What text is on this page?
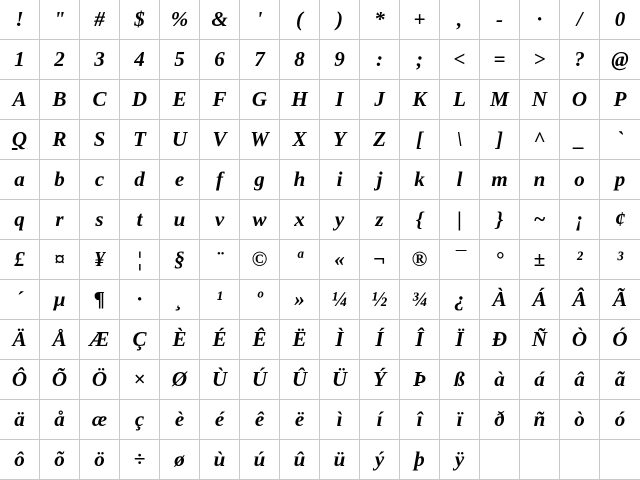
!	"	#	$	%	&	'	(	)	*	+	,	-	·	/	0
1	2	3	4	5	6	7	8	9	:	;	<	=	>	?	@
A	B	C	D	E	F	G	H	I	J	K	L	M	N	O	P
Q	R	S	T	U	V	W	X	Y	Z	[	\	]	^	_	`
a	b	c	d	e	f	g	h	i	j	k	l	m	n	o	p
q	r	s	t	u	v	w	x	y	z	{	|	}	~	¡	¢
£	¤	¥	¦	§	¨	©	ª	«	¬	®	¯	°	±	²	³
´	µ	¶	·	¸	¹	º	»	¼	½	¾	¿	À	Á	Â	Ã
Ä	Å	Æ	Ç	È	É	Ê	Ë	Ì	Í	Î	Ï	Ð	Ñ	Ò	Ó
Ô	Õ	Ö	×	Ø	Ù	Ú	Û	Ü	Ý	Þ	ß	à	á	â	ã
ä	å	æ	ç	è	é	ê	ë	ì	í	î	ï	ð	ñ	ò	ó
ô	õ	ö	÷	ø	ù	ú	û	ü	ý	þ	ÿ
